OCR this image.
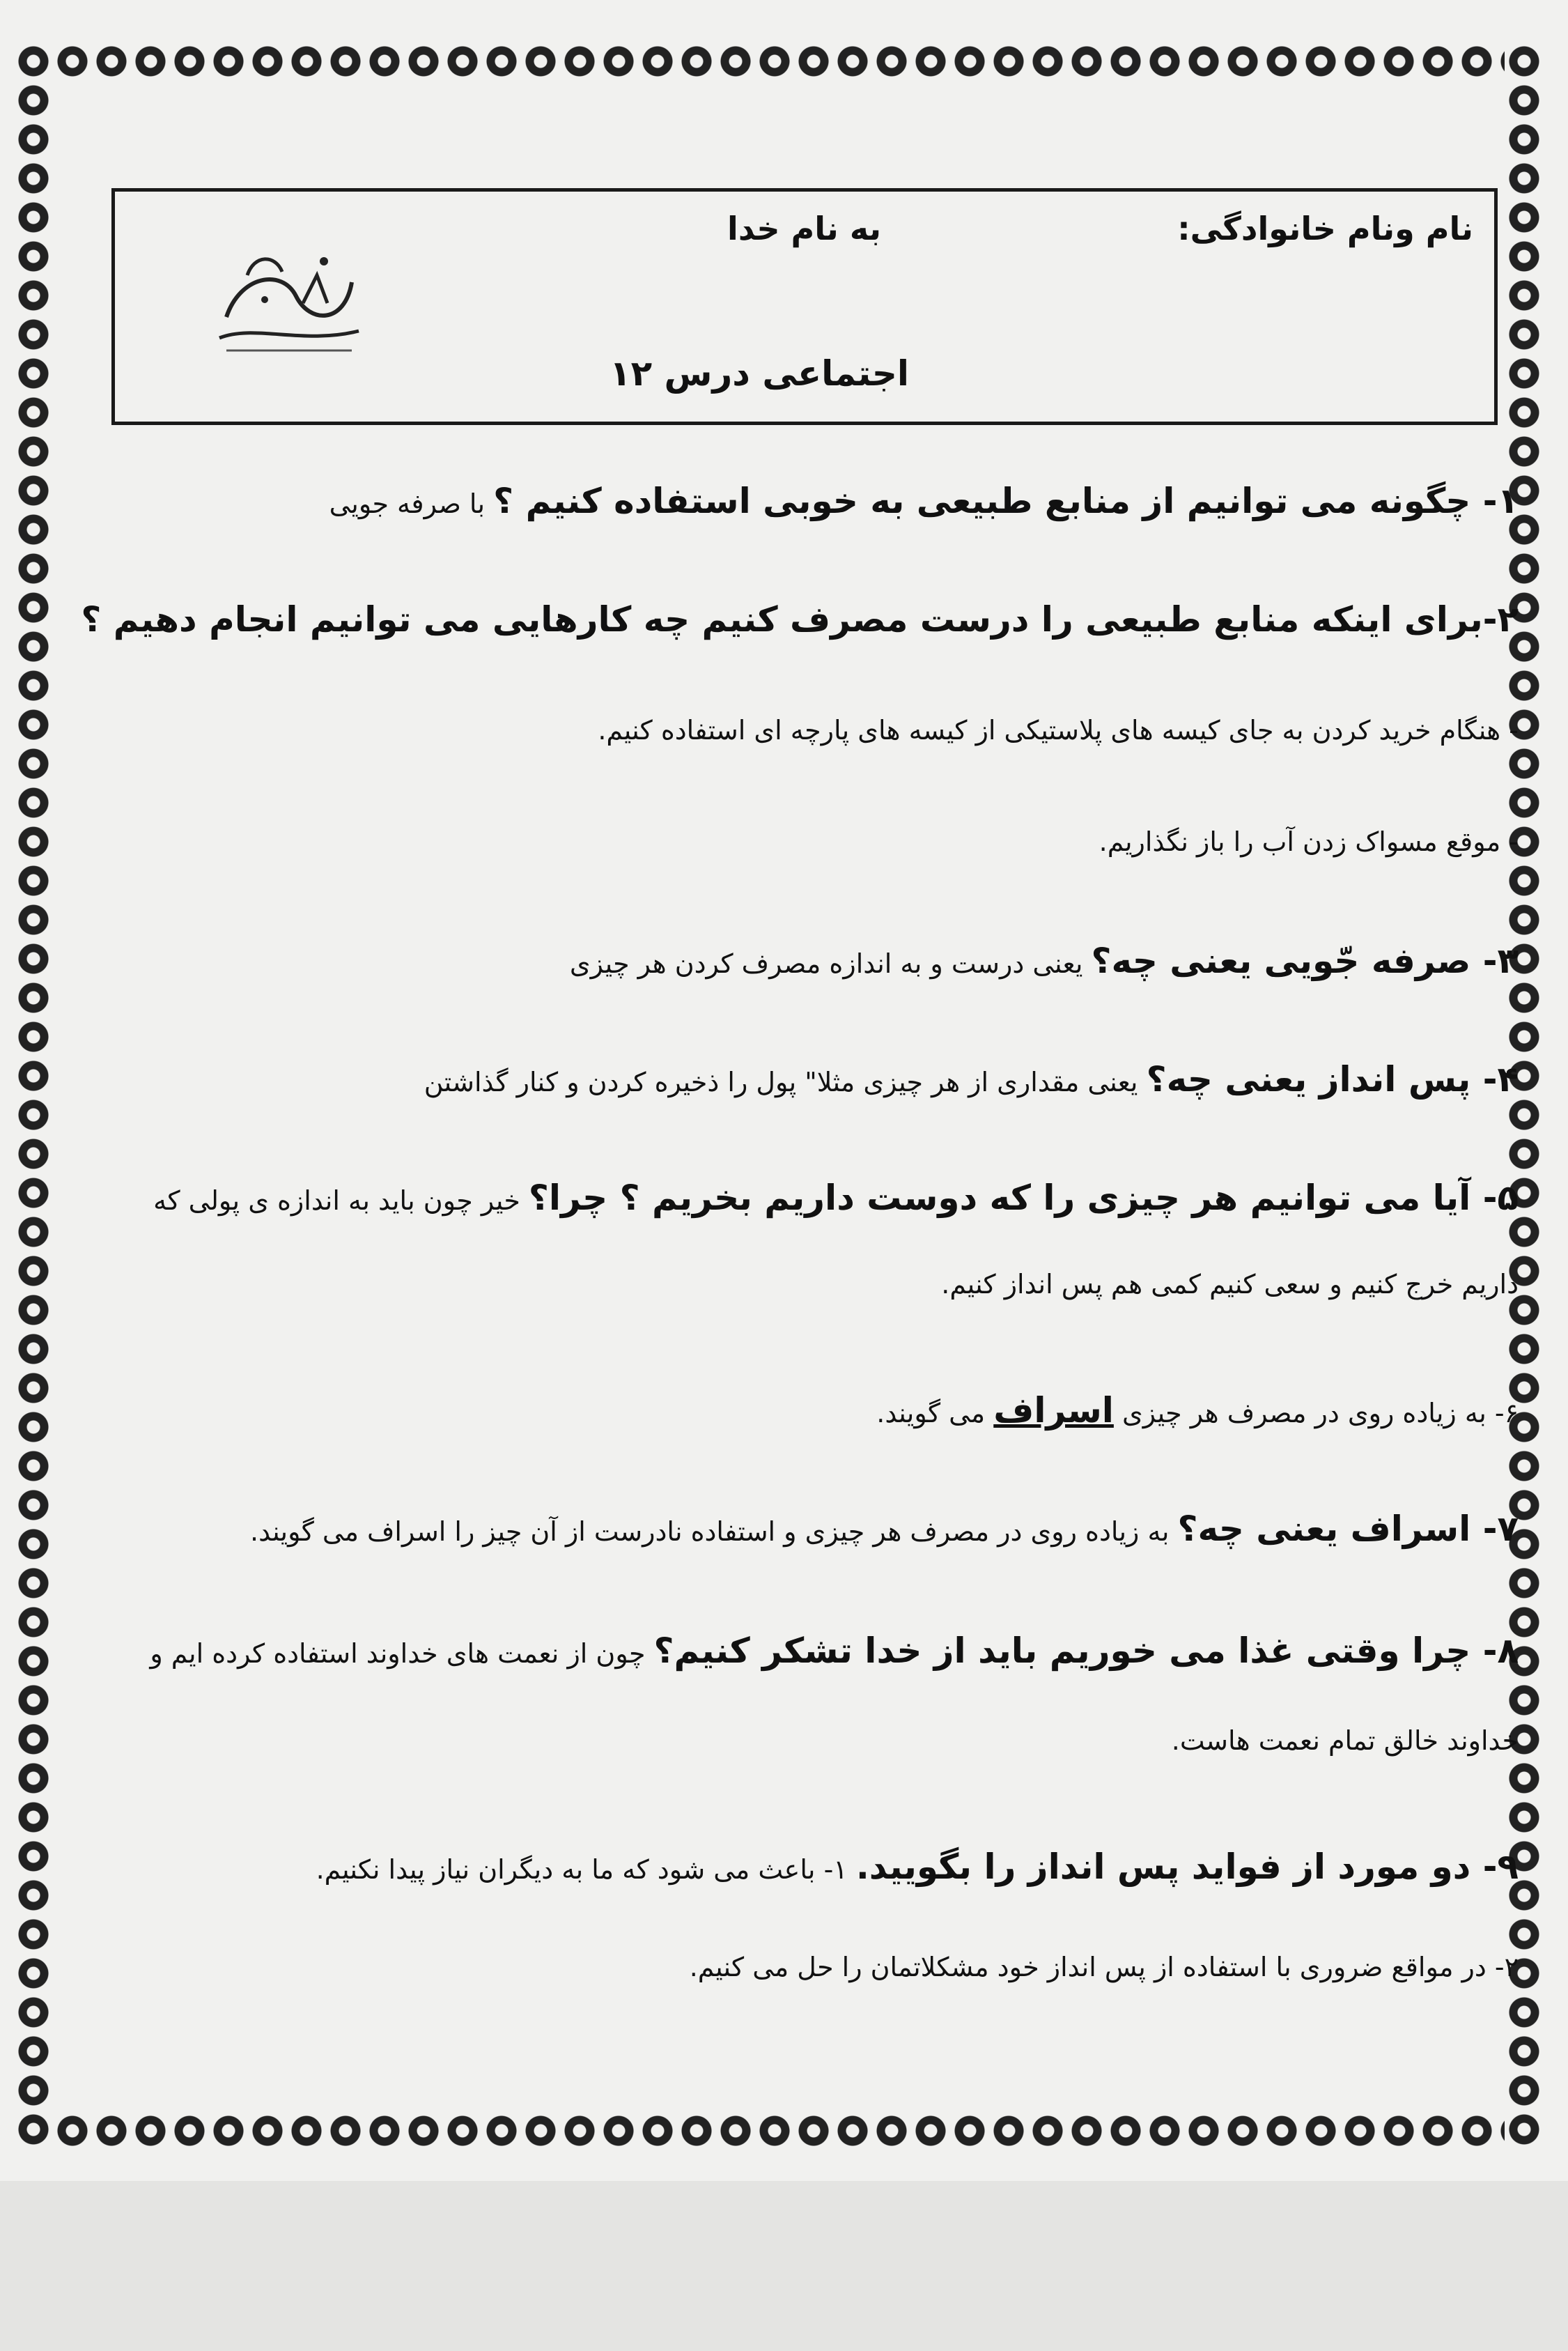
نام ونام خانوادگی:
به نام خدا
اجتماعی درس ۱۲
۱- چگونه می توانیم از منابع طبیعی به خوبی استفاده کنیم ؟ با صرفه جویی
۲-برای اینکه منابع طبیعی را درست مصرف کنیم چه کارهایی می توانیم انجام دهیم ؟
- هنگام خرید کردن به جای کیسه های پلاستیکی از کیسه های پارچه ای استفاده کنیم.
- موقع مسواک زدن آب را باز نگذاریم.
۳- صرفه جّویی یعنی چه؟ یعنی درست و به اندازه مصرف کردن هر چیزی
۴- پس انداز یعنی چه؟ یعنی مقداری از هر چیزی مثلا" پول را ذخیره کردن و کنار گذاشتن
۵- آیا می توانیم هر چیزی را که دوست داریم بخریم ؟ چرا؟ خیر چون باید به اندازه ی پولی که
داریم خرج کنیم و سعی کنیم کمی هم پس انداز کنیم.
۶- به زیاده روی در مصرف هر چیزی اسراف می گویند.
۷- اسراف یعنی چه؟ به زیاده روی در مصرف هر چیزی و استفاده نادرست از آن چیز را اسراف می گویند.
۸- چرا وقتی غذا می خوریم باید از خدا تشکر کنیم؟ چون از نعمت های خداوند استفاده کرده ایم و
خداوند خالق تمام نعمت هاست.
۹- دو مورد از فواید پس انداز را بگویید. ۱- باعث می شود که ما به دیگران نیاز پیدا نکنیم.
۲- در مواقع ضروری با استفاده از پس انداز خود مشکلاتمان را حل می کنیم.
